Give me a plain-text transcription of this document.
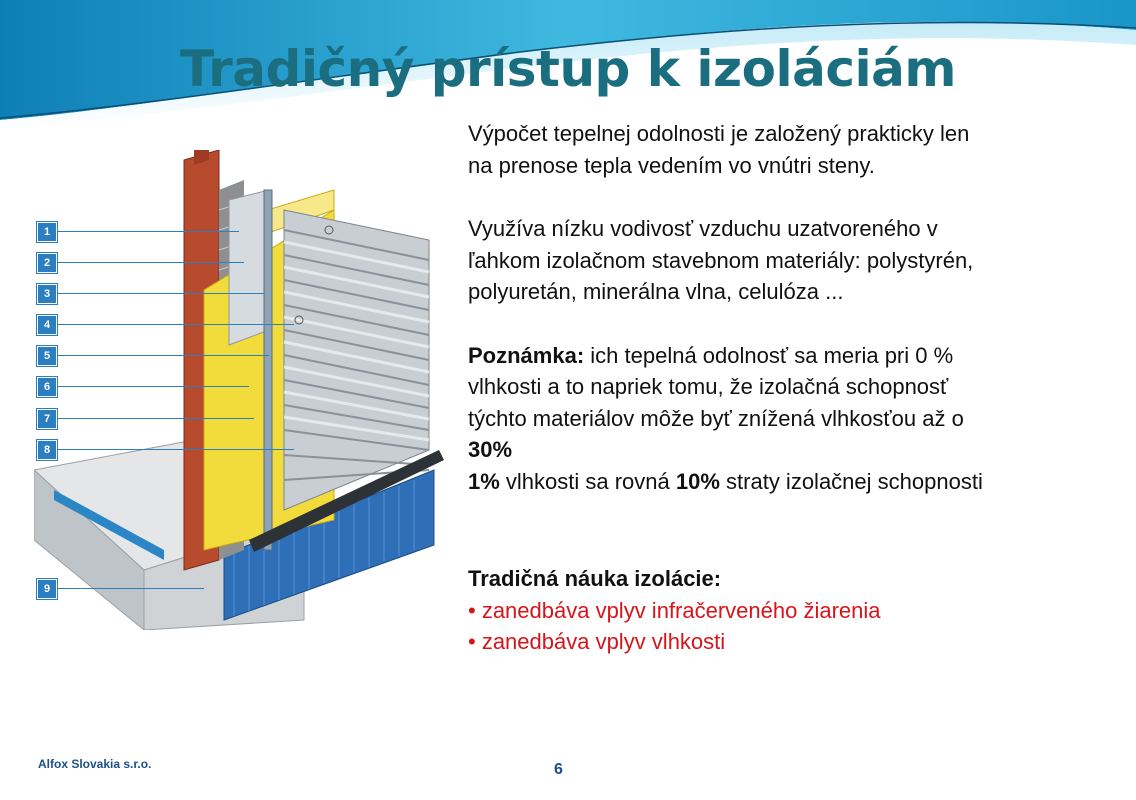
Tradičný prístup k izoláciám
1
2
3
4
5
6
7
8
9
Výpočet tepelnej odolnosti je založený prakticky len
na prenose tepla vedením vo vnútri steny.
Využíva nízku vodivosť vzduchu uzatvoreného v
ľahkom izolačnom stavebnom materiály: polystyrén,
polyuretán, minerálna vlna, celulóza ...
Poznámka: ich tepelná odolnosť sa meria pri 0 %
vlhkosti a to napriek tomu, že izolačná schopnosť
týchto materiálov môže byť znížená vlhkosťou až o
30%
1% vlhkosti sa rovná 10% straty izolačnej schopnosti
Tradičná náuka izolácie:
• zanedbáva vplyv infračerveného žiarenia
• zanedbáva vplyv vlhkosti
Alfox Slovakia s.r.o.	6
